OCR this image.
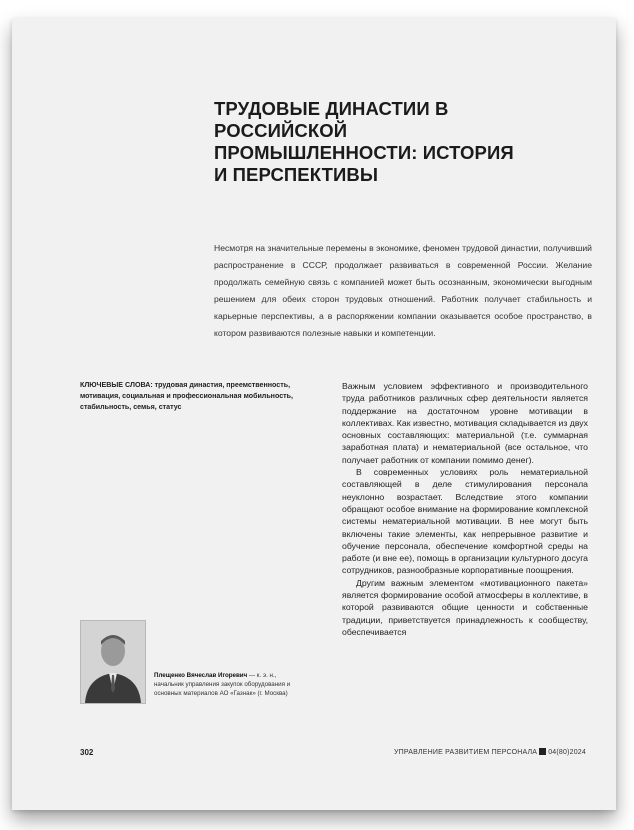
ТРУДОВЫЕ ДИНАСТИИ В РОССИЙСКОЙ
ПРОМЫШЛЕННОСТИ: ИСТОРИЯ
И ПЕРСПЕКТИВЫ
Несмотря на значительные перемены в экономике, феномен трудовой династии, получивший распространение в СССР, продолжает развиваться в современной России. Желание продолжать семейную связь с компанией может быть осознанным, экономически выгодным решением для обеих сторон трудовых отношений. Работник получает стабильность и карьерные перспективы, а в распоряжении компании оказывается особое пространство, в котором развиваются полезные навыки и компетенции.
КЛЮЧЕВЫЕ СЛОВА: трудовая династия, преемственность, мотивация, социальная и профессиональная мобильность, стабильность, семья, статус

Важным условием эффективного и производительного труда работников различных сфер деятельности является поддержание на достаточном уровне мотивации в коллективах. Как известно, мотивация складывается из двух основных составляющих: материальной (т.е. суммарная заработная плата) и нематериальной (все остальное, что получает работник от компании помимо денег).

В современных условиях роль нематериальной составляющей в деле стимулирования персонала неуклонно возрастает. Вследствие этого компании обращают особое внимание на формирование комплексной системы нематериальной мотивации. В нее могут быть включены такие элементы, как непрерывное развитие и обучение персонала, обеспечение комфортной среды на работе (и вне ее), помощь в организации культурного досуга сотрудников, разнообразные корпоративные поощрения.

Другим важным элементом «мотивационного пакета» является формирование особой атмосферы в коллективе, в которой развиваются общие ценности и собственные традиции, приветствуется принадлежность к сообществу, обеспечивается

Плещенко Вячеслав Игоревич — к. э. н., начальник управления закупок оборудования и основных материалов АО «Газнак» (г. Москва)
302	УПРАВЛЕНИЕ РАЗВИТИЕМ ПЕРСОНАЛА 04(80)2024
